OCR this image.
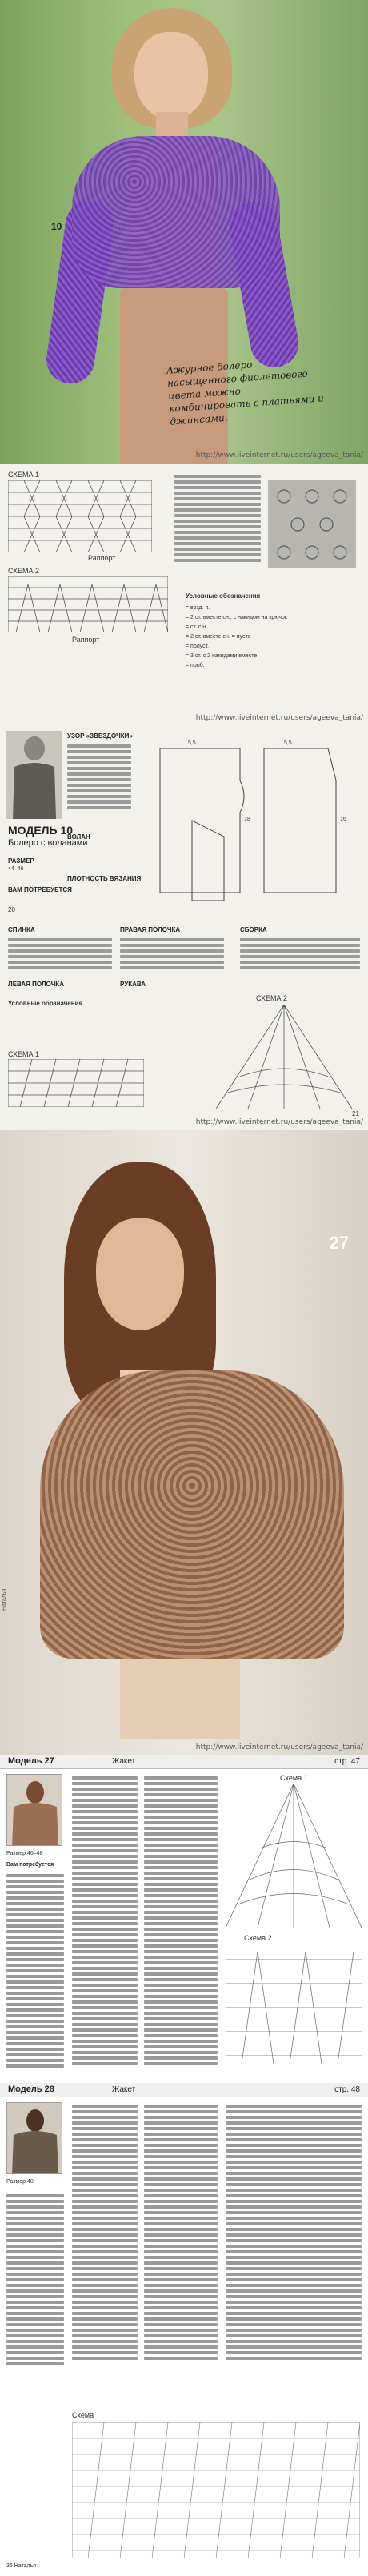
10
Ажурное болеро насыщенного фиолетового цвета можно комбинировать с платьями и джинсами.
http://www.liveinternet.ru/users/ageeva_tania/
СХЕМА 1
Раппорт
СХЕМА 2
Раппорт
Условные обозначения
= возд. п.
= 2 ст. вместе сн., с накидом на крючок
= ст. с н.
= 2 ст. вместе сн. = пусто
= полуст.
= 3 ст. с 2 накидами вместе
= проб.
http://www.liveinternet.ru/users/ageeva_tania/
МОДЕЛЬ 10
Болеро с воланами
РАЗМЕР
44–46
ВАМ ПОТРЕБУЕТСЯ
20
УЗОР «ЗВЕЗДОЧКИ»
ВОЛАН
ПЛОТНОСТЬ ВЯЗАНИЯ
5,5	5,5
18	16
СПИНКА
ЛЕВАЯ ПОЛОЧКА
Условные обозначения
ПРАВАЯ ПОЛОЧКА
РУКАВА
СБОРКА
СХЕМА 1
СХЕМА 2
21
http://www.liveinternet.ru/users/ageeva_tania/
27
Наталья
http://www.liveinternet.ru/users/ageeva_tania/
Модель 27	Жакет	стр. 47
Размер 46–48
Вам потребуется
Схема 1
Схема 2
Модель 28	Жакет	стр. 48
Размер 48
Схема
36 Наталья
